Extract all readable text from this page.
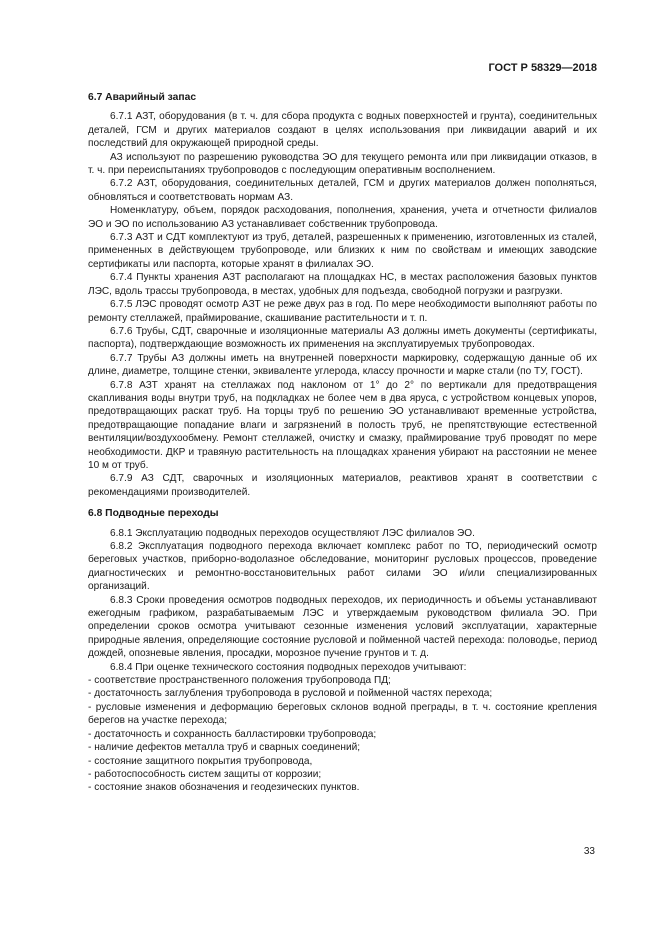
ГОСТ Р 58329—2018
6.7 Аварийный запас

6.7.1 АЗТ, оборудования (в т. ч. для сбора продукта с водных поверхностей и грунта), соединительных деталей, ГСМ и других материалов создают в целях использования при ликвидации аварий и их последствий для окружающей природной среды.

АЗ используют по разрешению руководства ЭО для текущего ремонта или при ликвидации отказов, в т. ч. при переиспытаниях трубопроводов с последующим оперативным восполнением.

6.7.2 АЗТ, оборудования, соединительных деталей, ГСМ и других материалов должен пополняться, обновляться и соответствовать нормам АЗ.

Номенклатуру, объем, порядок расходования, пополнения, хранения, учета и отчетности филиалов ЭО и ЭО по использованию АЗ устанавливает собственник трубопровода.

6.7.3 АЗТ и СДТ комплектуют из труб, деталей, разрешенных к применению, изготовленных из сталей, примененных в действующем трубопроводе, или близких к ним по свойствам и имеющих заводские сертификаты или паспорта, которые хранят в филиалах ЭО.

6.7.4 Пункты хранения АЗТ располагают на площадках НС, в местах расположения базовых пунктов ЛЭС, вдоль трассы трубопровода, в местах, удобных для подъезда, свободной погрузки и разгрузки.

6.7.5 ЛЭС проводят осмотр АЗТ не реже двух раз в год. По мере необходимости выполняют работы по ремонту стеллажей, праймирование, скашивание растительности и т. п.

6.7.6 Трубы, СДТ, сварочные и изоляционные материалы АЗ должны иметь документы (сертификаты, паспорта), подтверждающие возможность их применения на эксплуатируемых трубопроводах.

6.7.7 Трубы АЗ должны иметь на внутренней поверхности маркировку, содержащую данные об их длине, диаметре, толщине стенки, эквиваленте углерода, классу прочности и марке стали (по ТУ, ГОСТ).

6.7.8 АЗТ хранят на стеллажах под наклоном от 1° до 2° по вертикали для предотвращения скапливания воды внутри труб, на подкладках не более чем в два яруса, с устройством концевых упоров, предотвращающих раскат труб. На торцы труб по решению ЭО устанавливают временные устройства, предотвращающие попадание влаги и загрязнений в полость труб, не препятствующие естественной вентиляции/воздухообмену. Ремонт стеллажей, очистку и смазку, праймирование труб проводят по мере необходимости. ДКР и травяную растительность на площадках хранения убирают на расстоянии не менее 10 м от труб.

6.7.9 АЗ СДТ, сварочных и изоляционных материалов, реактивов хранят в соответствии с рекомендациями производителей.

6.8 Подводные переходы

6.8.1 Эксплуатацию подводных переходов осуществляют ЛЭС филиалов ЭО.

6.8.2 Эксплуатация подводного перехода включает комплекс работ по ТО, периодический осмотр береговых участков, приборно-водолазное обследование, мониторинг русловых процессов, проведение диагностических и ремонтно-восстановительных работ силами ЭО и/или специализированных организаций.

6.8.3 Сроки проведения осмотров подводных переходов, их периодичность и объемы устанавливают ежегодным графиком, разрабатываемым ЛЭС и утверждаемым руководством филиала ЭО. При определении сроков осмотра учитывают сезонные изменения условий эксплуатации, характерные природные явления, определяющие состояние русловой и пойменной частей перехода: половодье, период дождей, опозневые явления, просадки, морозное пучение грунтов и т. д.

6.8.4 При оценке технического состояния подводных переходов учитывают:

- соответствие пространственного положения трубопровода ПД;
- достаточность заглубления трубопровода в русловой и пойменной частях перехода;
- русловые изменения и деформацию береговых склонов водной преграды, в т. ч. состояние крепления берегов на участке перехода;
- достаточность и сохранность балластировки трубопровода;
- наличие дефектов металла труб и сварных соединений;
- состояние защитного покрытия трубопровода,
- работоспособность систем защиты от коррозии;
- состояние знаков обозначения и геодезических пунктов.
33
